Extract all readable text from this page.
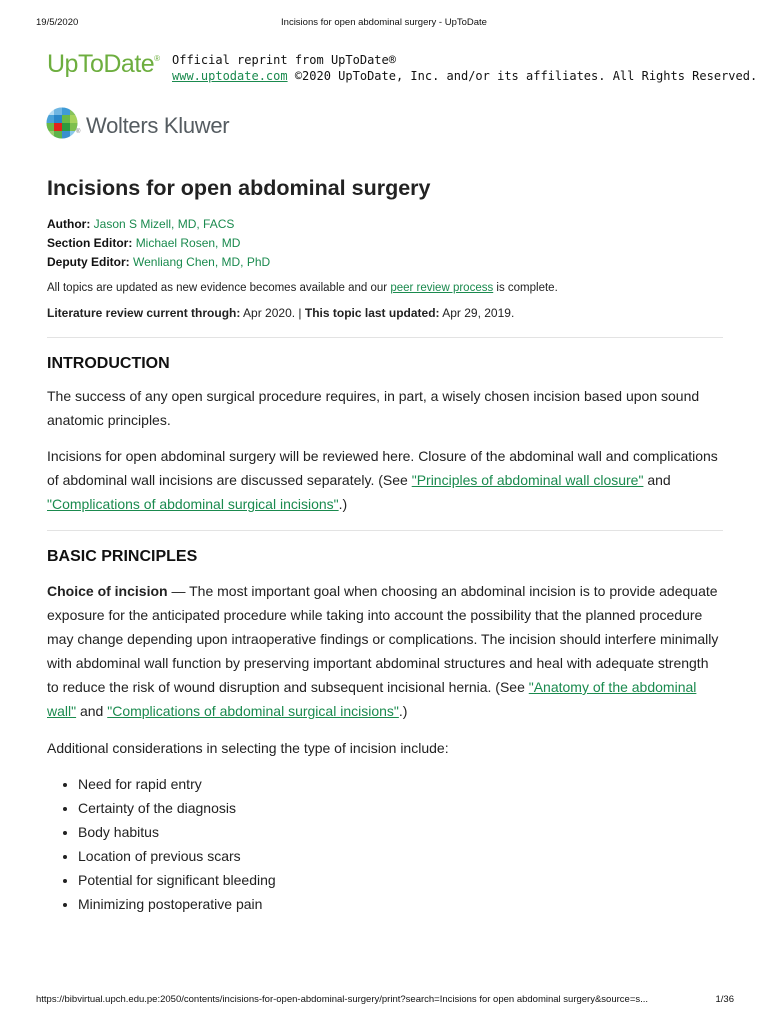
19/5/2020	Incisions for open abdominal surgery - UpToDate
UpToDate® Official reprint from UpToDate®
www.uptodate.com ©2020 UpToDate, Inc. and/or its affiliates. All Rights Reserved.
® Wolters Kluwer
Incisions for open abdominal surgery
Author: Jason S Mizell, MD, FACS
Section Editor: Michael Rosen, MD
Deputy Editor: Wenliang Chen, MD, PhD
All topics are updated as new evidence becomes available and our peer review process is complete.
Literature review current through: Apr 2020. | This topic last updated: Apr 29, 2019.
INTRODUCTION

The success of any open surgical procedure requires, in part, a wisely chosen incision based upon sound anatomic principles.

Incisions for open abdominal surgery will be reviewed here. Closure of the abdominal wall and complications of abdominal wall incisions are discussed separately. (See "Principles of abdominal wall closure" and "Complications of abdominal surgical incisions".)

BASIC PRINCIPLES

Choice of incision — The most important goal when choosing an abdominal incision is to provide adequate exposure for the anticipated procedure while taking into account the possibility that the planned procedure may change depending upon intraoperative findings or complications. The incision should interfere minimally with abdominal wall function by preserving important abdominal structures and heal with adequate strength to reduce the risk of wound disruption and subsequent incisional hernia. (See "Anatomy of the abdominal wall" and "Complications of abdominal surgical incisions".)

Additional considerations in selecting the type of incision include:

• Need for rapid entry
• Certainty of the diagnosis
• Body habitus
• Location of previous scars
• Potential for significant bleeding
• Minimizing postoperative pain
https://bibvirtual.upch.edu.pe:2050/contents/incisions-for-open-abdominal-surgery/print?search=Incisions for open abdominal surgery&source=s...	1/36
